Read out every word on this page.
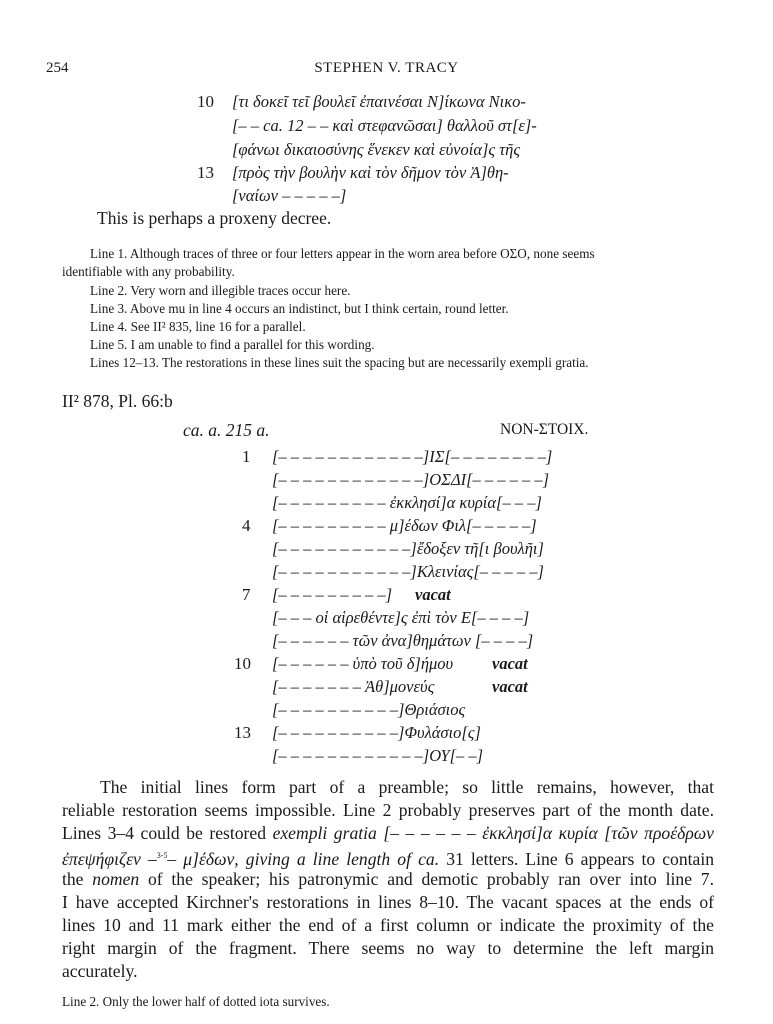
254	STEPHEN V. TRACY
10 [τι δοκεῖ τεῖ βουλεῖ ἐπαινέσαι Ν]ίκωνα Νικο-
[– – ca. 12 – – καὶ στεφανῶσαι] θαλλοῦ στ[ε]-
[φάνωι δικαιοσύνης ἕνεκεν καὶ εὐνοία]ς τῆς
13 [πρὸς τὴν βουλὴν καὶ τὸν δῆμον τὸν Ἀ]θη-
[ναίων – – – – –]
This is perhaps a proxeny decree.
Line 1. Although traces of three or four letters appear in the worn area before ΟΣΟ, none seems
identifiable with any probability.
Line 2. Very worn and illegible traces occur here.
Line 3. Above mu in line 4 occurs an indistinct, but I think certain, round letter.
Line 4. See II² 835, line 16 for a parallel.
Line 5. I am unable to find a parallel for this wording.
Lines 12–13. The restorations in these lines suit the spacing but are necessarily exempli gratia.
II² 878, Pl. 66:b
ca. a. 215 a.	NON-ΣΤΟΙΧ.
1 [– – – – – – – – – – – –]ΙΣ[– – – – – – – –]
[– – – – – – – – – – – –]ΟΣΔΙ[– – – – – –]
[– – – – – – – – – ἐκκλησί]α κυρία[– – –]
4 [– – – – – – – – – μ]έδων Φιλ[– – – – –]
[– – – – – – – – – – –]ἔδοξεν τῆ[ι βουλῆι]
[– – – – – – – – – – –]Κλεινίας[– – – – –]
7 [– – – – – – – – –] vacat
[– – – οἱ αἱρεθέντε]ς ἐπὶ τὸν Ε[– – – –]
[– – – – – – τῶν ἀνα]θημάτων [– – – –]
10 [– – – – – – ὑπὸ τοῦ δ]ήμου vacat
[– – – – – – – Ἀθ]μονεύς	vacat
[– – – – – – – – – –]Θριάσιος
13 [– – – – – – – – – –]Φυλάσιο[ς]
[– – – – – – – – – – – –]ΟΥ[– –]
The initial lines form part of a preamble; so little remains, however, that
reliable restoration seems impossible. Line 2 probably preserves part of the month date.
Lines 3–4 could be restored exempli gratia [– – – – – – ἐκκλησί]α κυρία [τῶν προέδρων
ἐπεψήφιζεν –$^{3-5}$– μ]έδων, giving a line length of ca. 31 letters. Line 6 appears to contain
the nomen of the speaker; his patronymic and demotic probably ran over into line 7.
I have accepted Kirchner's restorations in lines 8–10. The vacant spaces at the ends of
lines 10 and 11 mark either the end of a first column or indicate the proximity of the
right margin of the fragment. There seems no way to determine the left margin
accurately.
Line 2. Only the lower half of dotted iota survives.
